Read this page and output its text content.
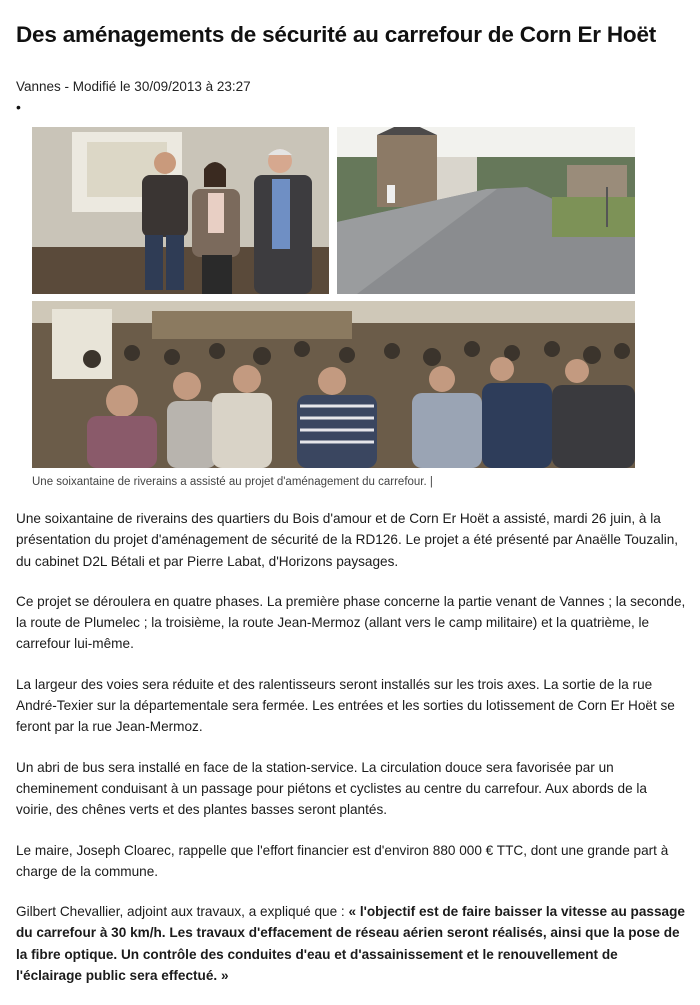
Des aménagements de sécurité au carrefour de Corn Er Hoët
Vannes - Modifié le 30/09/2013 à 23:27
•
Une soixantaine de riverains a assisté au projet d'aménagement du carrefour. |

Une soixantaine de riverains des quartiers du Bois d'amour et de Corn Er Hoët a assisté, mardi 26 juin, à la présentation du projet d'aménagement de sécurité de la RD126. Le projet a été présenté par Anaëlle Touzalin, du cabinet D2L Bétali et par Pierre Labat, d'Horizons paysages.

Ce projet se déroulera en quatre phases. La première phase concerne la partie venant de Vannes ; la seconde, la route de Plumelec ; la troisième, la route Jean-Mermoz (allant vers le camp militaire) et la quatrième, le carrefour lui-même.

La largeur des voies sera réduite et des ralentisseurs seront installés sur les trois axes. La sortie de la rue André-Texier sur la départementale sera fermée. Les entrées et les sorties du lotissement de Corn Er Hoët se feront par la rue Jean-Mermoz.

Un abri de bus sera installé en face de la station-service. La circulation douce sera favorisée par un cheminement conduisant à un passage pour piétons et cyclistes au centre du carrefour. Aux abords de la voirie, des chênes verts et des plantes basses seront plantés.

Le maire, Joseph Cloarec, rappelle que l'effort financier est d'environ 880 000 € TTC, dont une grande part à charge de la commune.

Gilbert Chevallier, adjoint aux travaux, a expliqué que : « l'objectif est de faire baisser la vitesse au passage du carrefour à 30 km/h. Les travaux d'effacement de réseau aérien seront réalisés, ainsi que la pose de la fibre optique. Un contrôle des conduites d'eau et d'assainissement et le renouvellement de l'éclairage public sera effectué. »
